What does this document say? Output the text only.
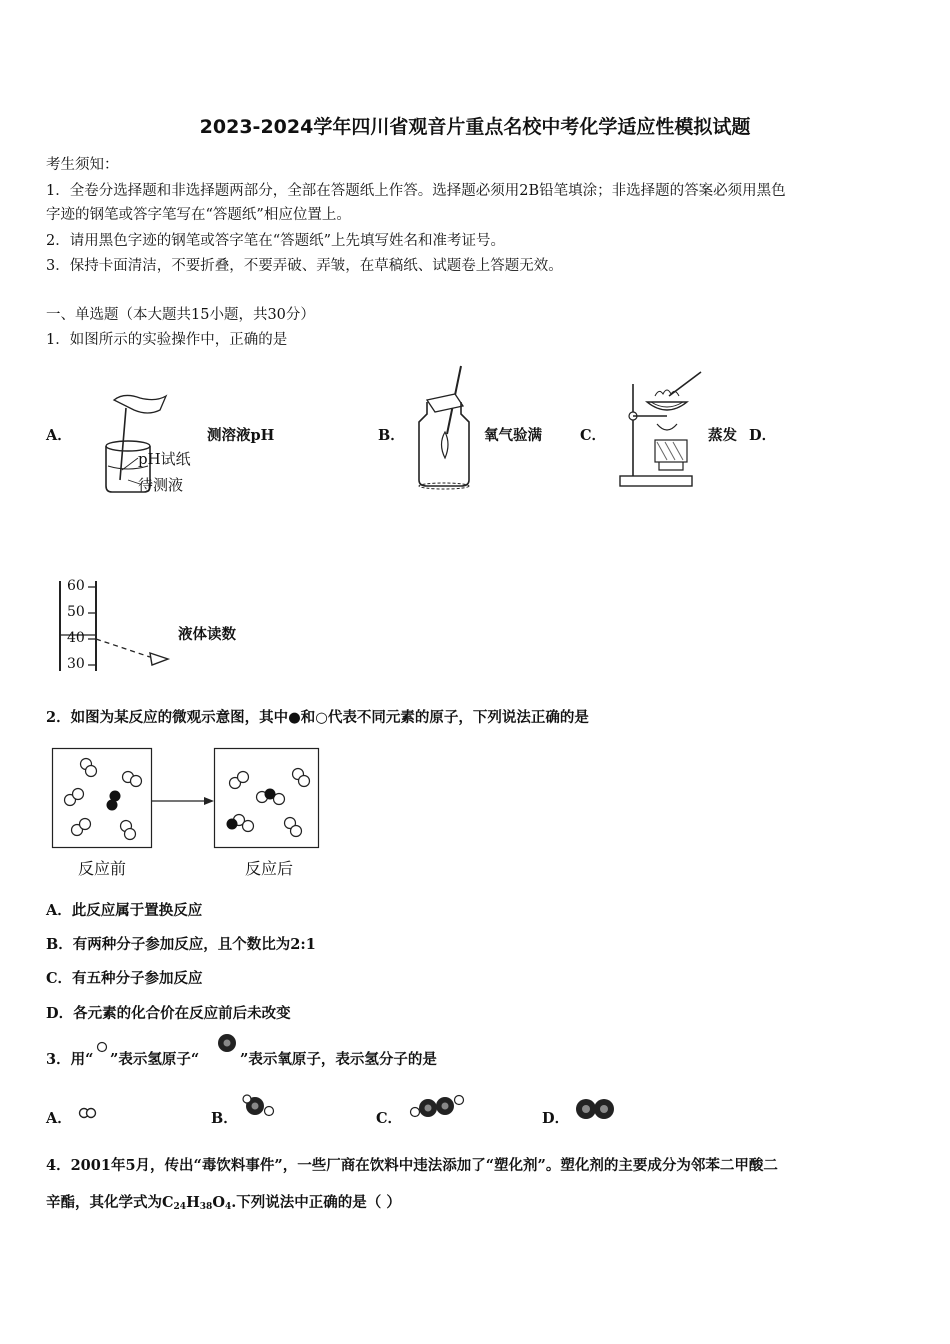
2023-2024学年四川省观音片重点名校中考化学适应性模拟试题
考生须知：
1．全卷分选择题和非选择题两部分，全部在答题纸上作答。选择题必须用2B铅笔填涂；非选择题的答案必须用黑色
字迹的钢笔或答字笔写在“答题纸”相应位置上。
2．请用黑色字迹的钢笔或答字笔在“答题纸”上先填写姓名和准考证号。
3．保持卡面清洁，不要折叠，不要弄破、弄皱，在草稿纸、试题卷上答题无效。
一、单选题（本大题共15小题，共30分）
1．如图所示的实验操作中，正确的是
A．
pH试纸
待测液
测溶液pH	B．	氧气验满	C．	蒸发 D．
60
50
40
30
液体读数
2．如图为某反应的微观示意图，其中●和○代表不同元素的原子，下列说法正确的是
反应前	反应后
A．此反应属于置换反应
B．有两种分子参加反应，且个数比为2:1
C．有五种分子参加反应
D．各元素的化合价在反应前后未改变
3．用“ ”表示氢原子“	”表示氧原子，表示氢分子的是
A．	B．	C．	D．
4．2001年5月，传出“毒饮料事件”，一些厂商在饮料中违法添加了“塑化剂”。塑化剂的主要成分为邻苯二甲酸二
辛酯，其化学式为$C_{24}H_{38}O_4$.下列说法中正确的是（ ）
